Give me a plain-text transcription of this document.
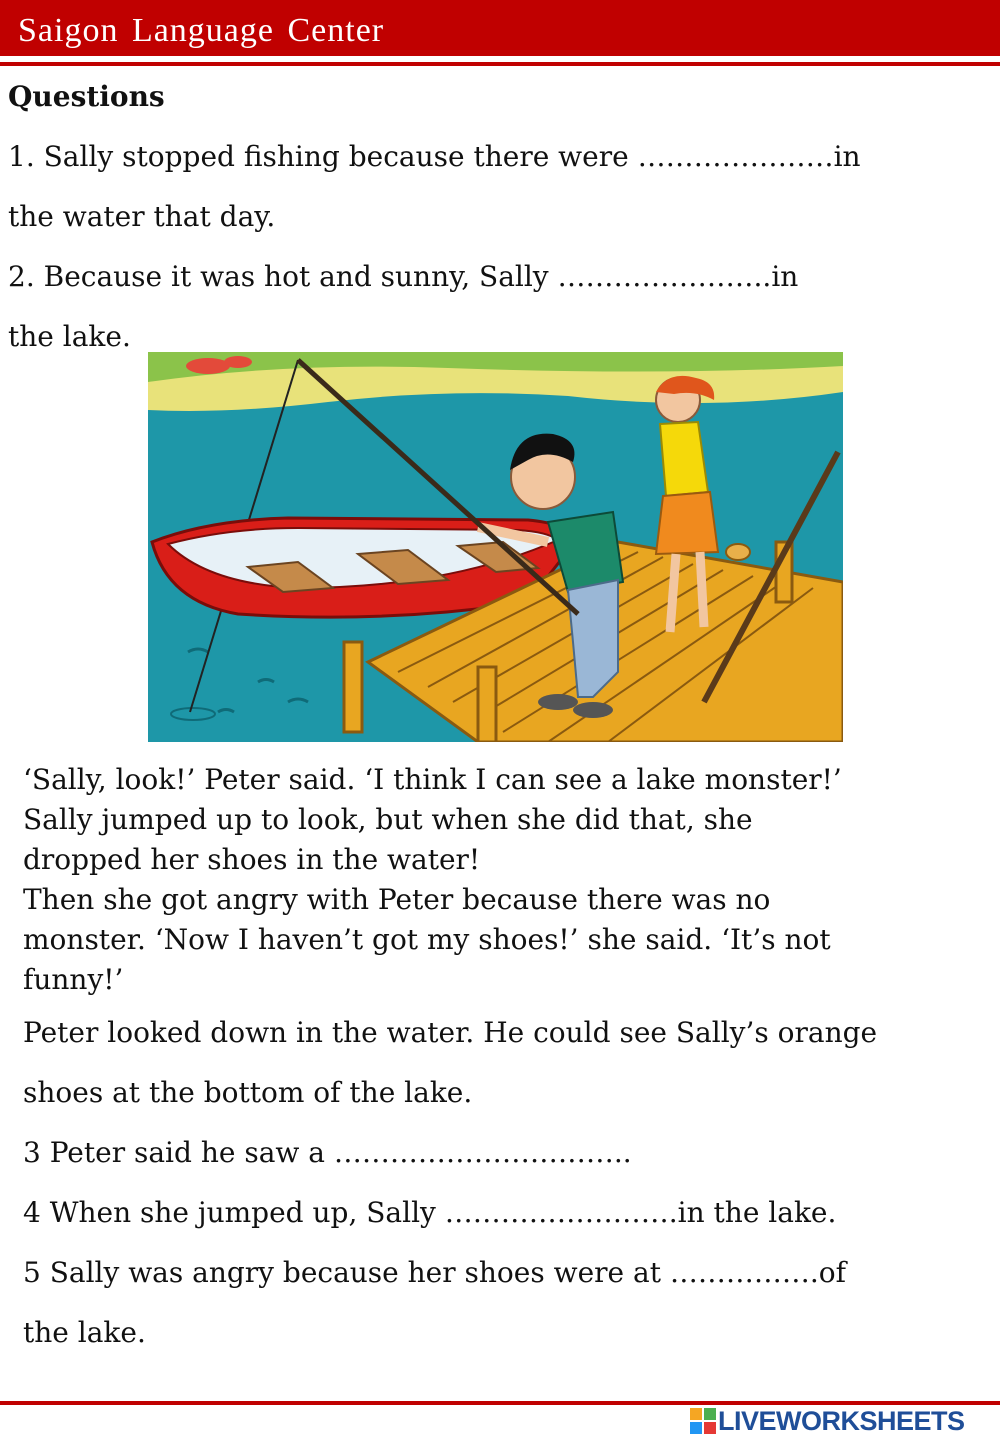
Saigon Language Center

Questions

1. Sally stopped fishing because there were …………………in

the water that day.

2. Because it was hot and sunny, Sally …………………..in

the lake.

‘Sally, look!’ Peter said. ‘I think I can see a lake monster!’
Sally jumped up to look, but when she did that, she
dropped her shoes in the water!
Then she got angry with Peter because there was no
monster. ‘Now I haven’t got my shoes!’ she said. ‘It’s not
funny!’

Peter looked down in the water. He could see Sally’s orange

shoes at the bottom of the lake.

3 Peter said he saw a …………………………..

4 When she jumped up, Sally …………………….in the lake.

5 Sally was angry because her shoes were at …………….of

the lake.

LIVEWORKSHEETS
